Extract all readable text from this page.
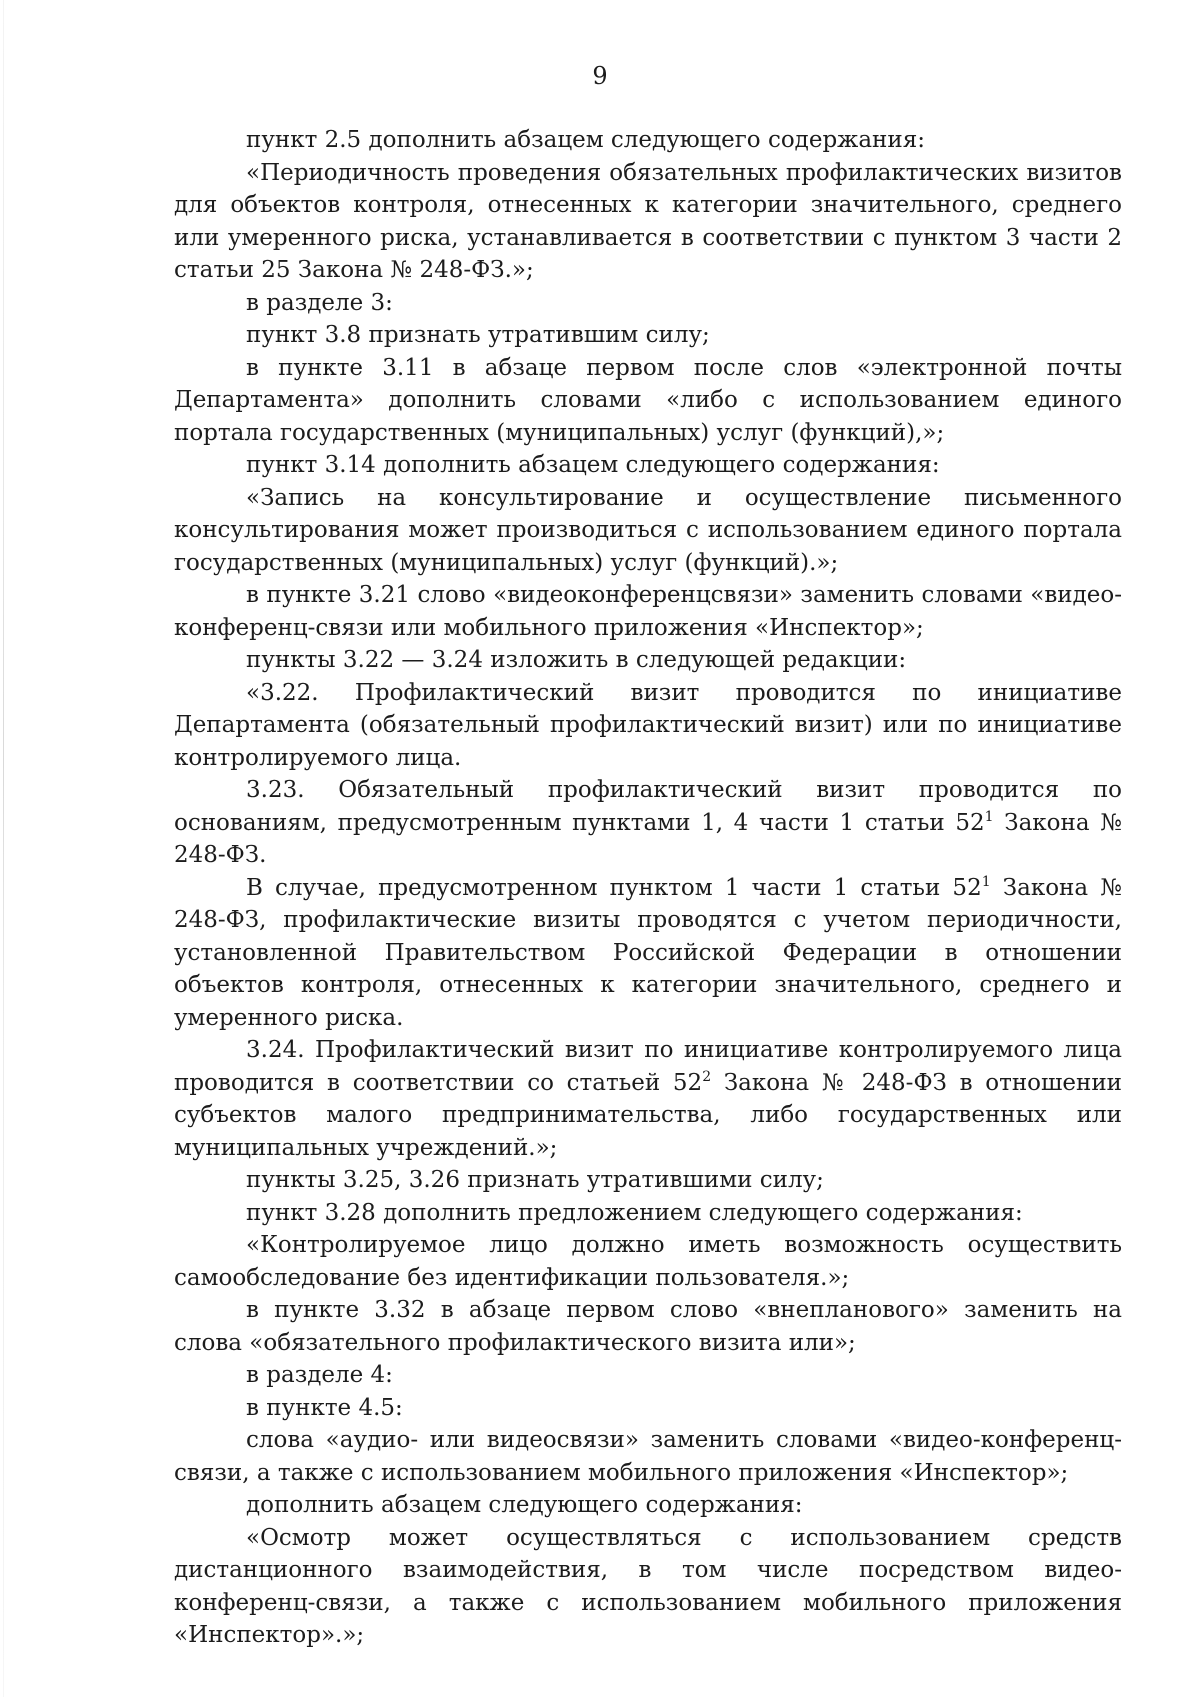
9

пункт 2.5 дополнить абзацем следующего содержания:

«Периодичность проведения обязательных профилактических визитов для объектов контроля, отнесенных к категории значительного, среднего или умеренного риска, устанавливается в соответствии с пунктом 3 части 2 статьи 25 Закона № 248-ФЗ.»;

в разделе 3:

пункт 3.8 признать утратившим силу;

в пункте 3.11 в абзаце первом после слов «электронной почты Департамента» дополнить словами «либо с использованием единого портала государственных (муниципальных) услуг (функций),»;

пункт 3.14 дополнить абзацем следующего содержания:

«Запись на консультирование и осуществление письменного консультирования может производиться с использованием единого портала государственных (муниципальных) услуг (функций).»;

в пункте 3.21 слово «видеоконференцсвязи» заменить словами «видео-конференц-связи или мобильного приложения «Инспектор»;

пункты 3.22 — 3.24 изложить в следующей редакции:

«3.22. Профилактический визит проводится по инициативе Департамента (обязательный профилактический визит) или по инициативе контролируемого лица.

3.23. Обязательный профилактический визит проводится по основаниям, предусмотренным пунктами 1, 4 части 1 статьи $52^1$ Закона № 248-ФЗ.

В случае, предусмотренном пунктом 1 части 1 статьи $52^1$ Закона № 248-ФЗ, профилактические визиты проводятся с учетом периодичности, установленной Правительством Российской Федерации в отношении объектов контроля, отнесенных к категории значительного, среднего и умеренного риска.

3.24. Профилактический визит по инициативе контролируемого лица проводится в соответствии со статьей $52^2$ Закона № 248-ФЗ в отношении субъектов малого предпринимательства, либо государственных или муниципальных учреждений.»;

пункты 3.25, 3.26 признать утратившими силу;

пункт 3.28 дополнить предложением следующего содержания:

«Контролируемое лицо должно иметь возможность осуществить самообследование без идентификации пользователя.»;

в пункте 3.32 в абзаце первом слово «внепланового» заменить на слова «обязательного профилактического визита или»;

в разделе 4:

в пункте 4.5:

слова «аудио- или видеосвязи» заменить словами «видео-конференц-связи, а также с использованием мобильного приложения «Инспектор»;

дополнить абзацем следующего содержания:

«Осмотр может осуществляться с использованием средств дистанционного взаимодействия, в том числе посредством видео-конференц-связи, а также с использованием мобильного приложения «Инспектор».»;
